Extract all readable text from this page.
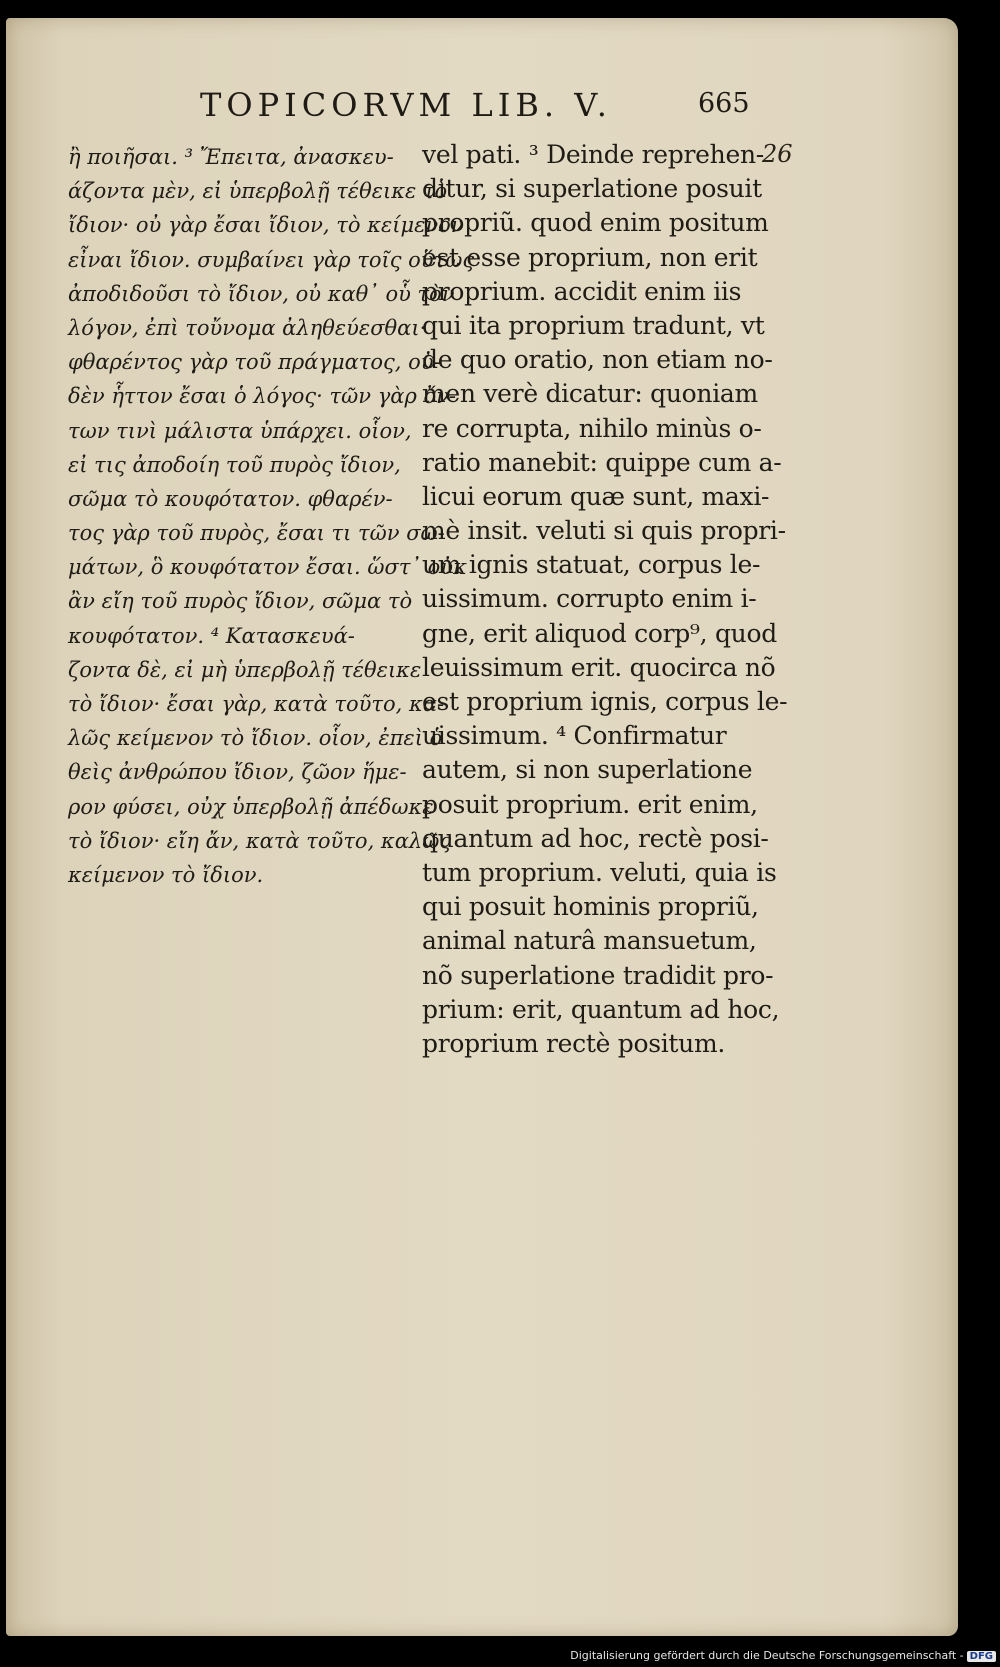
TOPICORVM LIB. V.	665
ἢ ποιῆσαι. ³ Ἔπειτα, ἀνασκευ-
άζοντα μὲν, εἰ ὑπερβολῇ τέθεικε τὸ
ἴδιον· οὐ γὰρ ἔσαι ἴδιον, τὸ κείμενον
εἶναι ἴδιον. συμβαίνει γὰρ τοῖς οὕτως
ἀποδιδοῦσι τὸ ἴδιον, οὐ καθ᾽ οὗ τὸν
λόγον, ἐπὶ τοὔνομα ἀληθεύεσθαι·
φθαρέντος γὰρ τοῦ πράγματος, οὐ-
δὲν ἧττον ἔσαι ὁ λόγος· τῶν γὰρ ὄν-
των τινὶ μάλιστα ὑπάρχει. οἷον,
εἰ τις ἀποδοίη τοῦ πυρὸς ἴδιον,
σῶμα τὸ κουφότατον. φθαρέν-
τος γὰρ τοῦ πυρὸς, ἔσαι τι τῶν σω-
μάτων, ὃ κουφότατον ἔσαι. ὥστ᾽ οὐκ
ἂν εἴη τοῦ πυρὸς ἴδιον, σῶμα τὸ
κουφότατον. ⁴ Κατασκευά-
ζοντα δὲ, εἰ μὴ ὑπερβολῇ τέθεικε
τὸ ἴδιον· ἔσαι γὰρ, κατὰ τοῦτο, κα-
λῶς κείμενον τὸ ἴδιον. οἷον, ἐπεὶ ὁ
θεὶς ἀνθρώπου ἴδιον, ζῶον ἥμε-
ρον φύσει, οὐχ ὑπερβολῇ ἀπέδωκε
τὸ ἴδιον· εἴη ἄν, κατὰ τοῦτο, καλῶς
κείμενον τὸ ἴδιον.
vel pati. ³ Deinde reprehen-
ditur, si superlatione posuit
propriũ. quod enim positum
est esse proprium, non erit
proprium. accidit enim iis
qui ita proprium tradunt, vt
de quo oratio, non etiam no-
men verè dicatur: quoniam
re corrupta, nihilo minùs o-
ratio manebit: quippe cum a-
licui eorum quæ sunt, maxi-
mè insit. veluti si quis propri-
um ignis statuat, corpus le-
uissimum. corrupto enim i-
gne, erit aliquod corp⁹, quod
leuissimum erit. quocirca nõ
est proprium ignis, corpus le-
uissimum. ⁴ Confirmatur
autem, si non superlatione
posuit proprium. erit enim,
quantum ad hoc, rectè posi-
tum proprium. veluti, quia is
qui posuit hominis propriũ,
animal naturâ mansuetum,
nõ superlatione tradidit pro-
prium: erit, quantum ad hoc,
proprium rectè positum.
26
Digitalisierung gefördert durch die Deutsche Forschungsgemeinschaft - DFG
